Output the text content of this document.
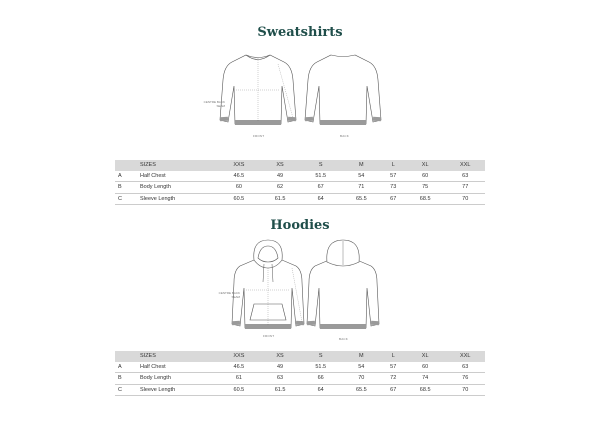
Sweatshirts
CENTRE BACK SEAM
FRONT	BACK
	SIZES	XXS	XS	S	M	L	XL	XXL
A	Half Chest	46.5	49	51.5	54	57	60	63
B	Body Length	60	62	67	71	73	75	77
C	Sleeve Length	60.5	61.5	64	65.5	67	68.5	70
Hoodies
CENTRE BACK SEAM
FRONT
BACK
	SIZES	XXS	XS	S	M	L	XL	XXL
A	Half Chest	46.5	49	51.5	54	57	60	63
B	Body Length	61	63	66	70	72	74	76
C	Sleeve Length	60.5	61.5	64	65.5	67	68.5	70
